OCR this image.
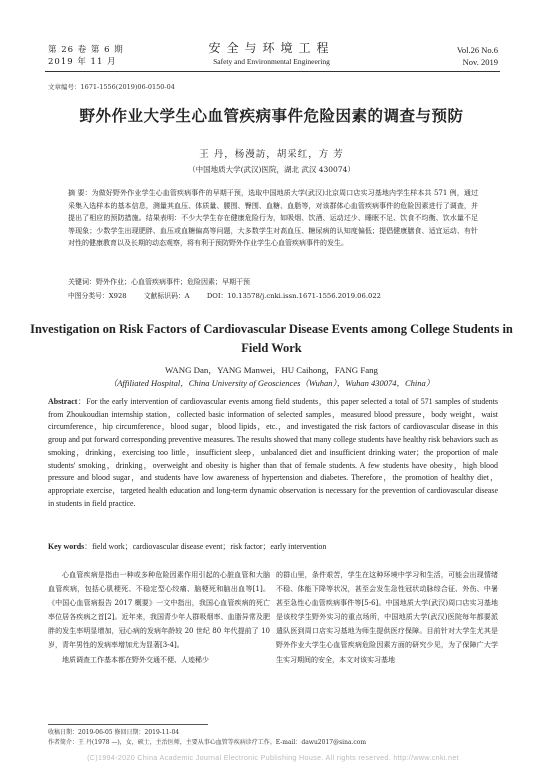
第 26 卷 第 6 期
2019 年 11 月
安全与环境工程
Safety and Environmental Engineering
Vol.26 No.6
Nov. 2019
文章编号：1671-1556(2019)06-0150-04
野外作业大学生心血管疾病事件危险因素的调查与预防
王 丹，杨漫訪，胡采红，方 芳
（中国地质大学(武汉)医院，湖北 武汉 430074）
摘 要：为做好野外作业学生心血管疾病事件的早期干预，选取中国地质大学(武汉)北京周口店实习基地内学生样本共 571 例，通过采集入选样本的基本信息，测量其血压、体质量、腰围、臀围、血糖、血脂等，对该群体心血管疾病事件的危险因素进行了调查，并提出了相应的预防措施。结果表明：不少大学生存在健康危险行为，如吸烟、饮酒、运动过少、睡眠不足、饮食不均衡、饮水量不足等现象；少数学生出现肥胖、血压或血糖偏高等问题，大多数学生对高血压、糖尿病的认知度偏低；提倡健康膳食、适宜运动、有针对性的健康教育以及长期的动态观察，将有利于预防野外作业学生心血管疾病事件的发生。
关键词：野外作业；心血管疾病事件；危险因素；早期干预
中图分类号：X928        文献标识码：A        DOI：10.13578/j.cnki.issn.1671-1556.2019.06.022
Investigation on Risk Factors of Cardiovascular Disease Events among College Students in Field Work
WANG Dan，YANG Manwei，HU Caihong，FANG Fang
（Affiliated Hospital，China University of Geosciences（Wuhan），Wuhan 430074，China）
Abstract：For the early intervention of cardiovascular events among field students，this paper selected a total of 571 samples of students from Zhoukoudian internship station，collected basic information of selected samples，measured blood pressure，body weight，waist circumference，hip circumference，blood sugar，blood lipids，etc.，and investigated the risk factors of cardiovascular disease in this group and put forward corresponding preventive measures. The results showed that many college students have healthy risk behaviors such as smoking，drinking，exercising too little，insufficient sleep，unbalanced diet and insufficient drinking water；the proportion of male students' smoking，drinking，overweight and obesity is higher than that of female students. A few students have obesity，high blood pressure and blood sugar，and students have low awareness of hypertension and diabetes. Therefore，the promotion of healthy diet，appropriate exercise，targeted health education and long-term dynamic observation is necessary for the prevention of cardiovascular disease in students in field practice.
Key words：field work；cardiovascular disease event；risk factor；early intervention
心血管疾病是指由一种或多种危险因素作用引起的心脏血管和大脑血管疾病，包括心肌梗死、不稳定型心绞痛、脑梗死和脑出血等[1]。《中国心血管病报告 2017 概要》一文中指出，我国心血管疾病的死亡率位居各疾病之首[2]。近年来，我国青少年人群吸烟率、血脂异常及肥胖的发生率明显增加，冠心病的发病年龄较 20 世纪 80 年代提前了 10 岁，青年男性的发病率增加尤为显著[3-4]。
地质调查工作基本都在野外交通不便、人迹稀少
的群山里，条件艰苦，学生在这种环境中学习和生活，可能会出现情绪不稳、体能下降等状况，甚至会发生急性冠状动脉综合征、外伤、中暑甚至急性心血管疾病事件等[5-6]。中国地质大学(武汉)周口店实习基地是该校学生野外实习的重点场所，中国地质大学(武汉)医院每年都要派遣队医到周口店实习基地为师生提供医疗保障。目前针对大学生尤其是野外作业大学生心血管疾病危险因素方面的研究少见，为了保障广大学生实习期间的安全，本文对该实习基地
收稿日期：2019-06-05 修回日期：2019-11-04
作者简介：王 丹(1978 —)，女，硕士，主治医师，主要从事心血管等疾病诊疗工作。E-mail：dawu2017@sina.com
(C)1994-2020 China Academic Journal Electronic Publishing House. All rights reserved. http://www.cnki.net
